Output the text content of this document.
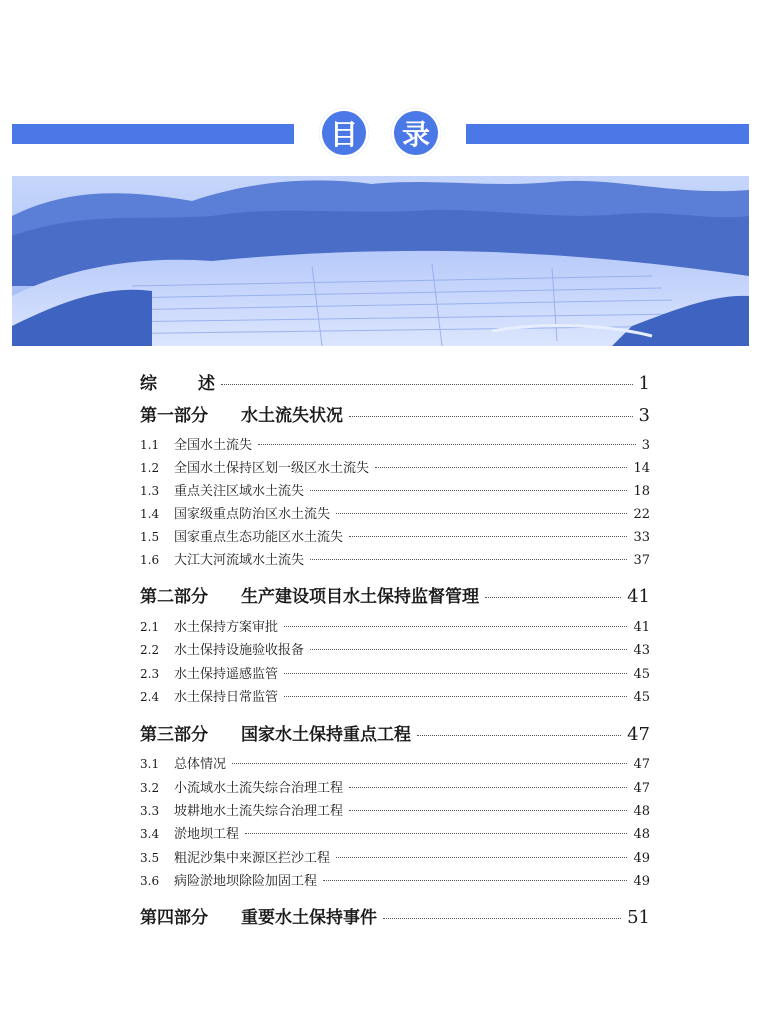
目 录
综 述	1
第一部分 水土流失状况	3
1.1 全国水土流失	3
1.2 全国水土保持区划一级区水土流失	14
1.3 重点关注区域水土流失	18
1.4 国家级重点防治区水土流失	22
1.5 国家重点生态功能区水土流失	33
1.6 大江大河流域水土流失	37
第二部分 生产建设项目水土保持监督管理	41
2.1 水土保持方案审批	41
2.2 水土保持设施验收报备	43
2.3 水土保持遥感监管	45
2.4 水土保持日常监管	45
第三部分 国家水土保持重点工程	47
3.1 总体情况	47
3.2 小流域水土流失综合治理工程	47
3.3 坡耕地水土流失综合治理工程	48
3.4 淤地坝工程	48
3.5 粗泥沙集中来源区拦沙工程	49
3.6 病险淤地坝除险加固工程	49
第四部分 重要水土保持事件	51
